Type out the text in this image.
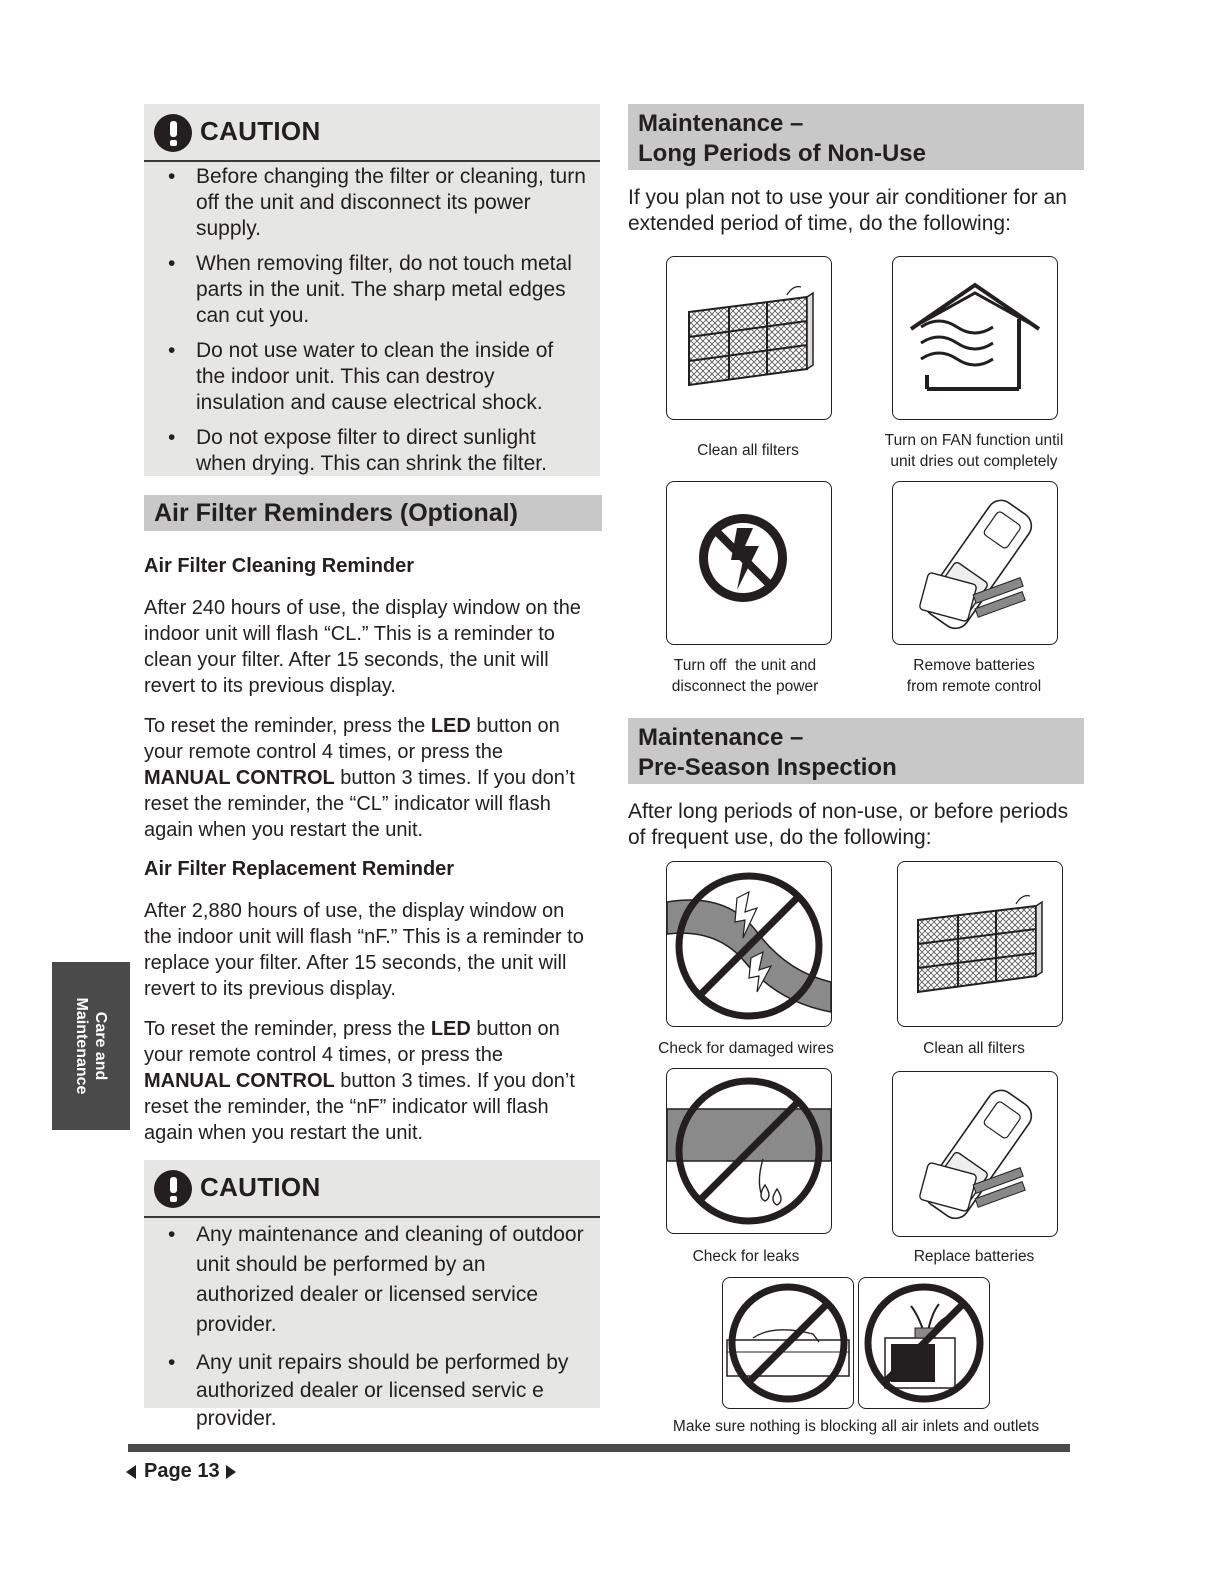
CAUTION
• Before changing the filter or cleaning, turn off the unit and disconnect its power supply.
• When removing filter, do not touch metal parts in the unit. The sharp metal edges can cut you.
• Do not use water to clean the inside of the indoor unit. This can destroy insulation and cause electrical shock.
• Do not expose filter to direct sunlight when drying. This can shrink the filter.
Air Filter Reminders (Optional)
Air Filter Cleaning Reminder

After 240 hours of use, the display window on the indoor unit will flash “CL.” This is a reminder to clean your filter. After 15 seconds, the unit will revert to its previous display.

To reset the reminder, press the LED button on your remote control 4 times, or press the MANUAL CONTROL button 3 times. If you don’t reset the reminder, the “CL” indicator will flash again when you restart the unit.

Air Filter Replacement Reminder

After 2,880 hours of use, the display window on the indoor unit will flash “nF.” This is a reminder to replace your filter. After 15 seconds, the unit will revert to its previous display.

To reset the reminder, press the LED button on your remote control 4 times, or press the MANUAL CONTROL button 3 times. If you don’t reset the reminder, the “nF” indicator will flash again when you restart the unit.

CAUTION
• Any maintenance and cleaning of outdoor unit should be performed by an authorized dealer or licensed service provider.
• Any unit repairs should be performed by authorized dealer or licensed servic e provider.
Care and
Maintenance
Maintenance –
Long Periods of Non-Use

If you plan not to use your air conditioner for an extended period of time, do the following:

Clean all filters
Turn on FAN function until
unit dries out completely
Turn off  the unit and
disconnect the power
Remove batteries
from remote control
Maintenance –
Pre-Season Inspection

After long periods of non-use, or before periods of frequent use, do the following:

Check for damaged wires	Clean all filters
Check for leaks	Replace batteries
Make sure nothing is blocking all air inlets and outlets
Page 13
